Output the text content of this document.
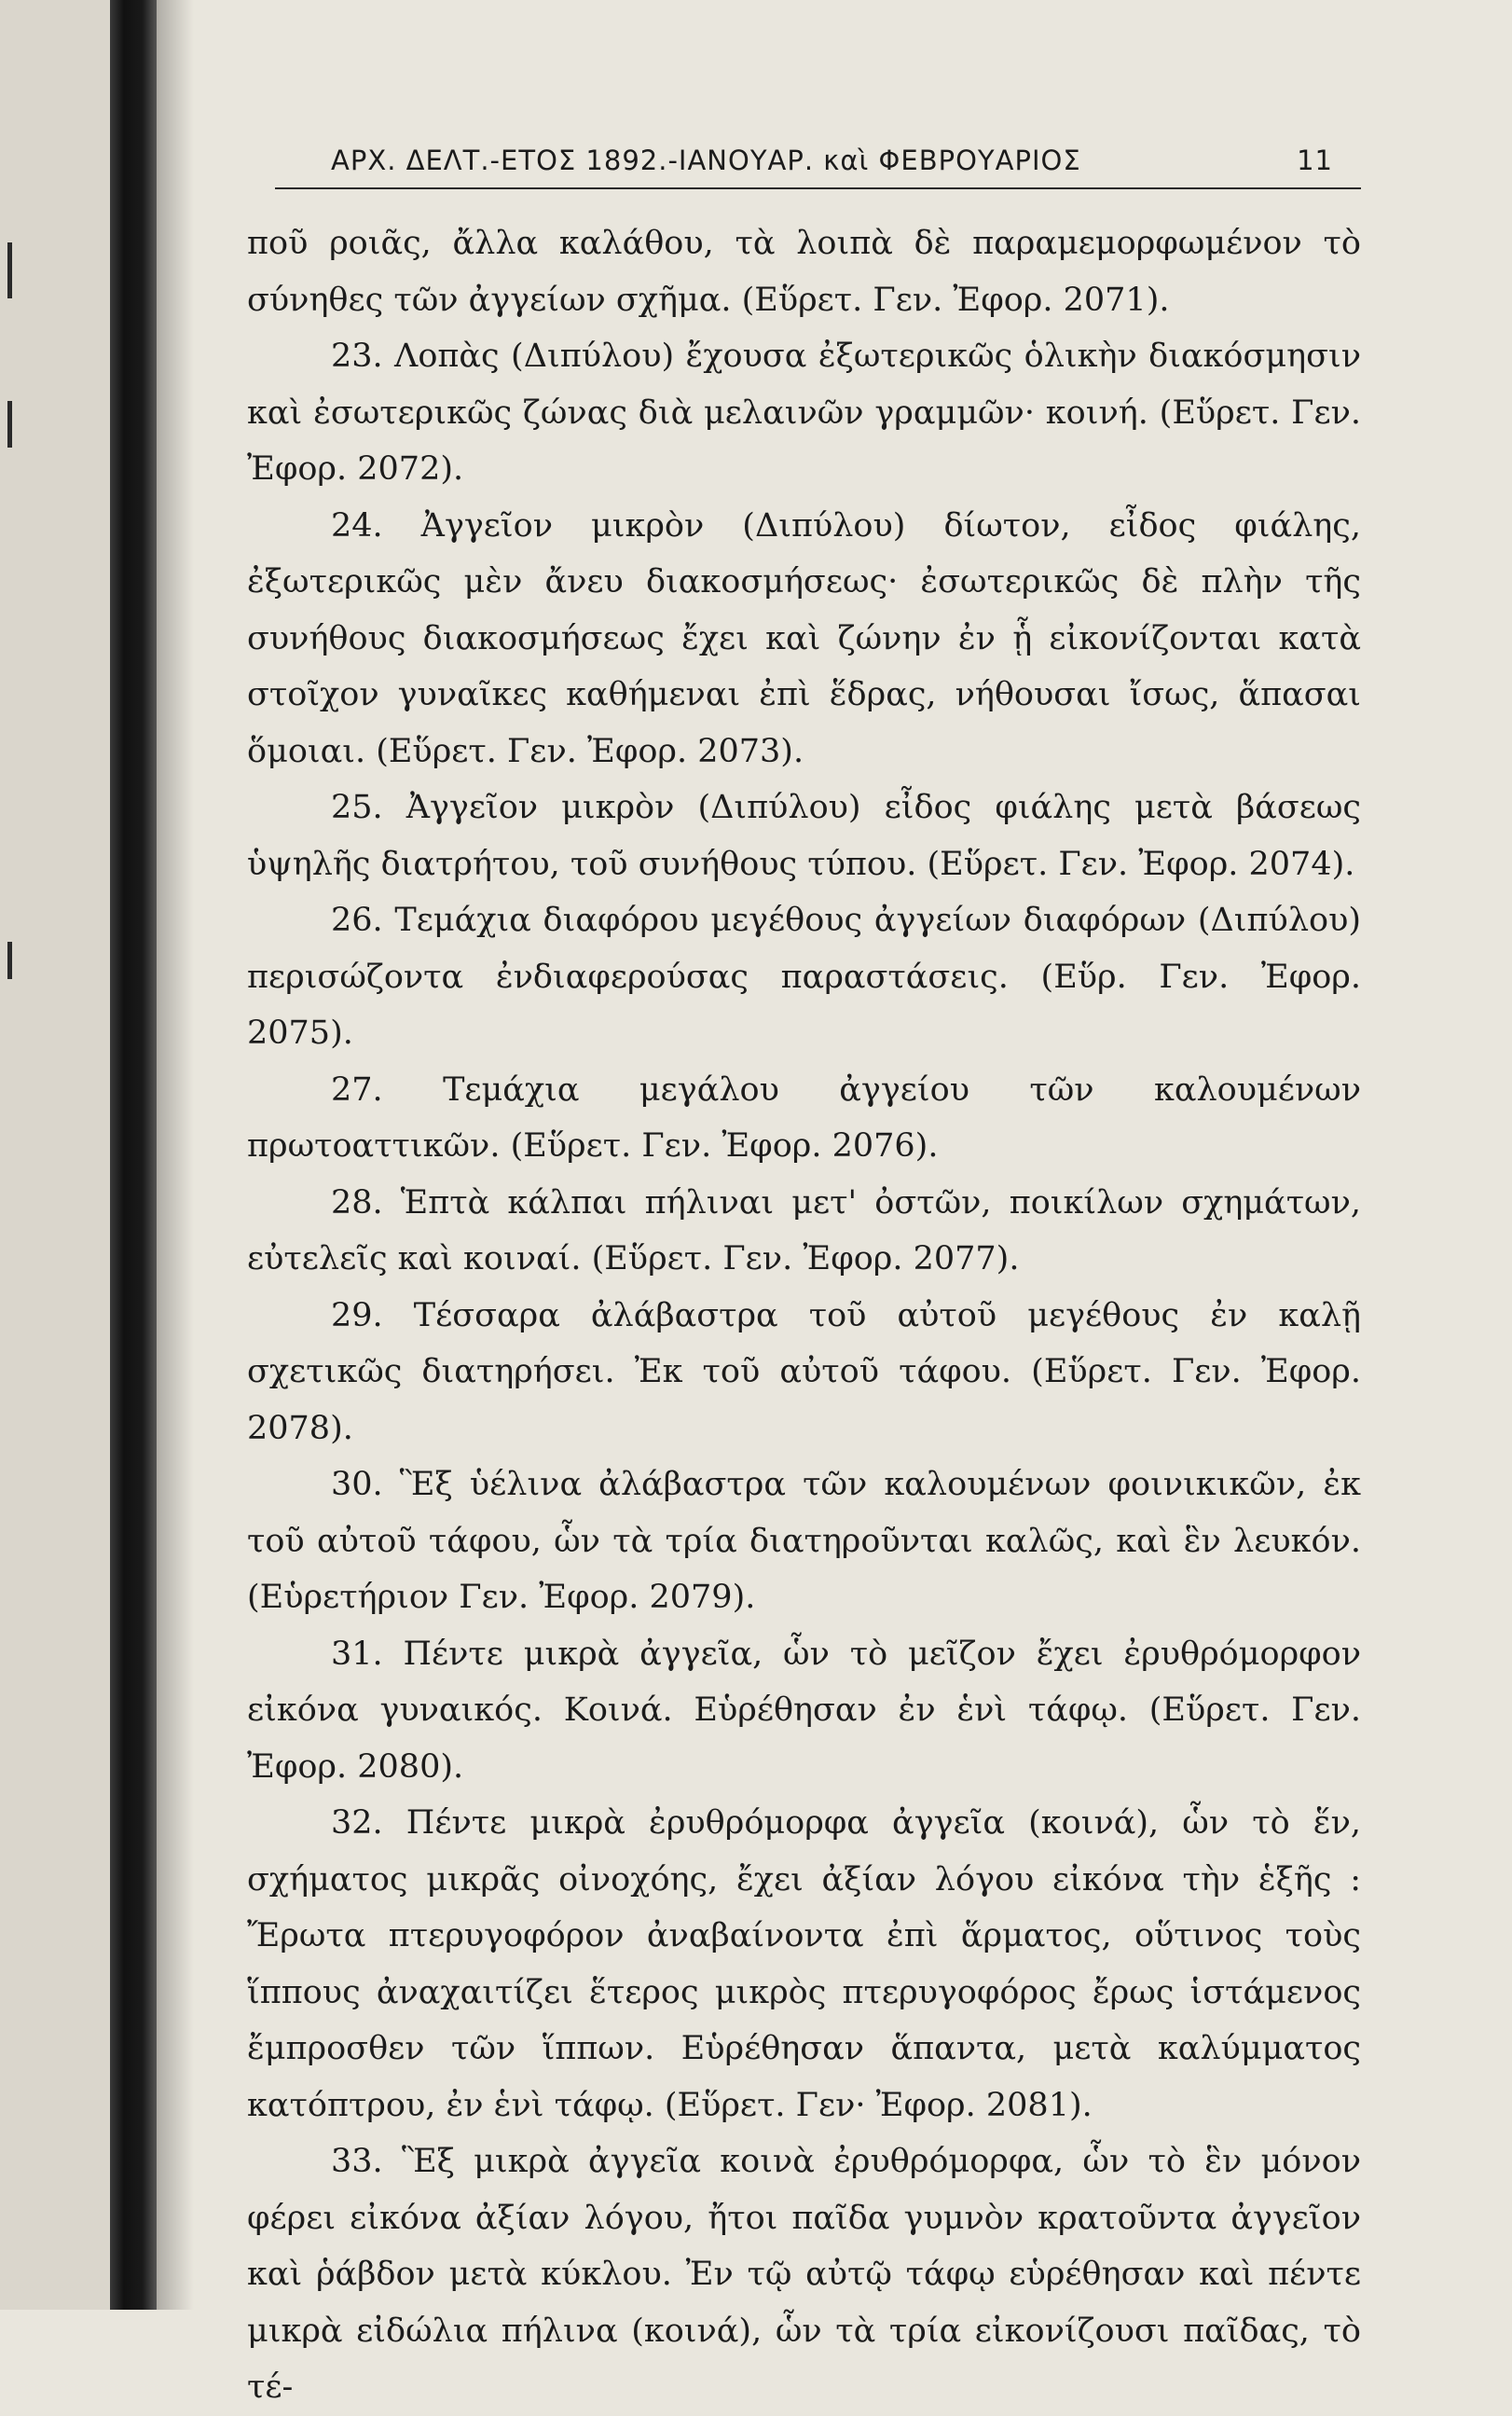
ΑΡΧ. ΔΕΛΤ.-ΕΤΟΣ 1892.-ΙΑΝΟΥΑΡ. καὶ ΦΕΒΡΟΥΑΡΙΟΣ	11

ποῦ ροιᾶς, ἄλλα καλάθου, τὰ λοιπὰ δὲ παραμεμορφωμένον τὸ σύνηθες τῶν ἀγγείων σχῆμα. (Εὕρετ. Γεν. Ἐφορ. 2071).

23. Λοπὰς (Διπύλου) ἔχουσα ἐξωτερικῶς ὁλικὴν διακόσμησιν καὶ ἐσωτερικῶς ζώνας διὰ μελαινῶν γραμμῶν· κοινή. (Εὕρετ. Γεν. Ἐφορ. 2072).

24. Ἀγγεῖον μικρὸν (Διπύλου) δίωτον, εἶδος φιάλης, ἐξωτερικῶς μὲν ἄνευ διακοσμήσεως· ἐσωτερικῶς δὲ πλὴν τῆς συνήθους διακοσμήσεως ἔχει καὶ ζώνην ἐν ᾗ εἰκονίζονται κατὰ στοῖχον γυναῖκες καθήμεναι ἐπὶ ἕδρας, νήθουσαι ἴσως, ἅπασαι ὅμοιαι. (Εὕρετ. Γεν. Ἐφορ. 2073).

25. Ἀγγεῖον μικρὸν (Διπύλου) εἶδος φιάλης μετὰ βάσεως ὑψηλῆς διατρήτου, τοῦ συνήθους τύπου. (Εὕρετ. Γεν. Ἐφορ. 2074).

26. Τεμάχια διαφόρου μεγέθους ἀγγείων διαφόρων (Διπύλου) περισώζοντα ἐνδιαφερούσας παραστάσεις. (Εὕρ. Γεν. Ἐφορ. 2075).

27. Τεμάχια μεγάλου ἀγγείου τῶν καλουμένων πρωτοαττικῶν. (Εὕρετ. Γεν. Ἐφορ. 2076).

28. Ἑπτὰ κάλπαι πήλιναι μετ' ὀστῶν, ποικίλων σχημάτων, εὐτελεῖς καὶ κοιναί. (Εὕρετ. Γεν. Ἐφορ. 2077).

29. Τέσσαρα ἀλάβαστρα τοῦ αὐτοῦ μεγέθους ἐν καλῇ σχετικῶς διατηρήσει. Ἐκ τοῦ αὐτοῦ τάφου. (Εὕρετ. Γεν. Ἐφορ. 2078).

30. Ἓξ ὑέλινα ἀλάβαστρα τῶν καλουμένων φοινικικῶν, ἐκ τοῦ αὐτοῦ τάφου, ὧν τὰ τρία διατηροῦνται καλῶς, καὶ ἓν λευκόν. (Εὑρετήριον Γεν. Ἐφορ. 2079).

31. Πέντε μικρὰ ἀγγεῖα, ὧν τὸ μεῖζον ἔχει ἐρυθρόμορφον εἰκόνα γυναικός. Κοινά. Εὑρέθησαν ἐν ἑνὶ τάφῳ. (Εὕρετ. Γεν. Ἐφορ. 2080).

32. Πέντε μικρὰ ἐρυθρόμορφα ἀγγεῖα (κοινά), ὧν τὸ ἕν, σχήματος μικρᾶς οἰνοχόης, ἔχει ἀξίαν λόγου εἰκόνα τὴν ἑξῆς : Ἔρωτα πτερυγοφόρον ἀναβαίνοντα ἐπὶ ἅρματος, οὕτινος τοὺς ἵππους ἀναχαιτίζει ἕτερος μικρὸς πτερυγοφόρος ἔρως ἱστάμενος ἔμπροσθεν τῶν ἵππων. Εὑρέθησαν ἅπαντα, μετὰ καλύμματος κατόπτρου, ἐν ἑνὶ τάφῳ. (Εὕρετ. Γεν· Ἐφορ. 2081).

33. Ἓξ μικρὰ ἀγγεῖα κοινὰ ἐρυθρόμορφα, ὧν τὸ ἓν μόνον φέρει εἰκόνα ἀξίαν λόγου, ἤτοι παῖδα γυμνὸν κρατοῦντα ἀγγεῖον καὶ ῥάβδον μετὰ κύκλου. Ἐν τῷ αὐτῷ τάφῳ εὑρέθησαν καὶ πέντε μικρὰ εἰδώλια πήλινα (κοινά), ὧν τὰ τρία εἰκονίζουσι παῖδας, τὸ τέ-
